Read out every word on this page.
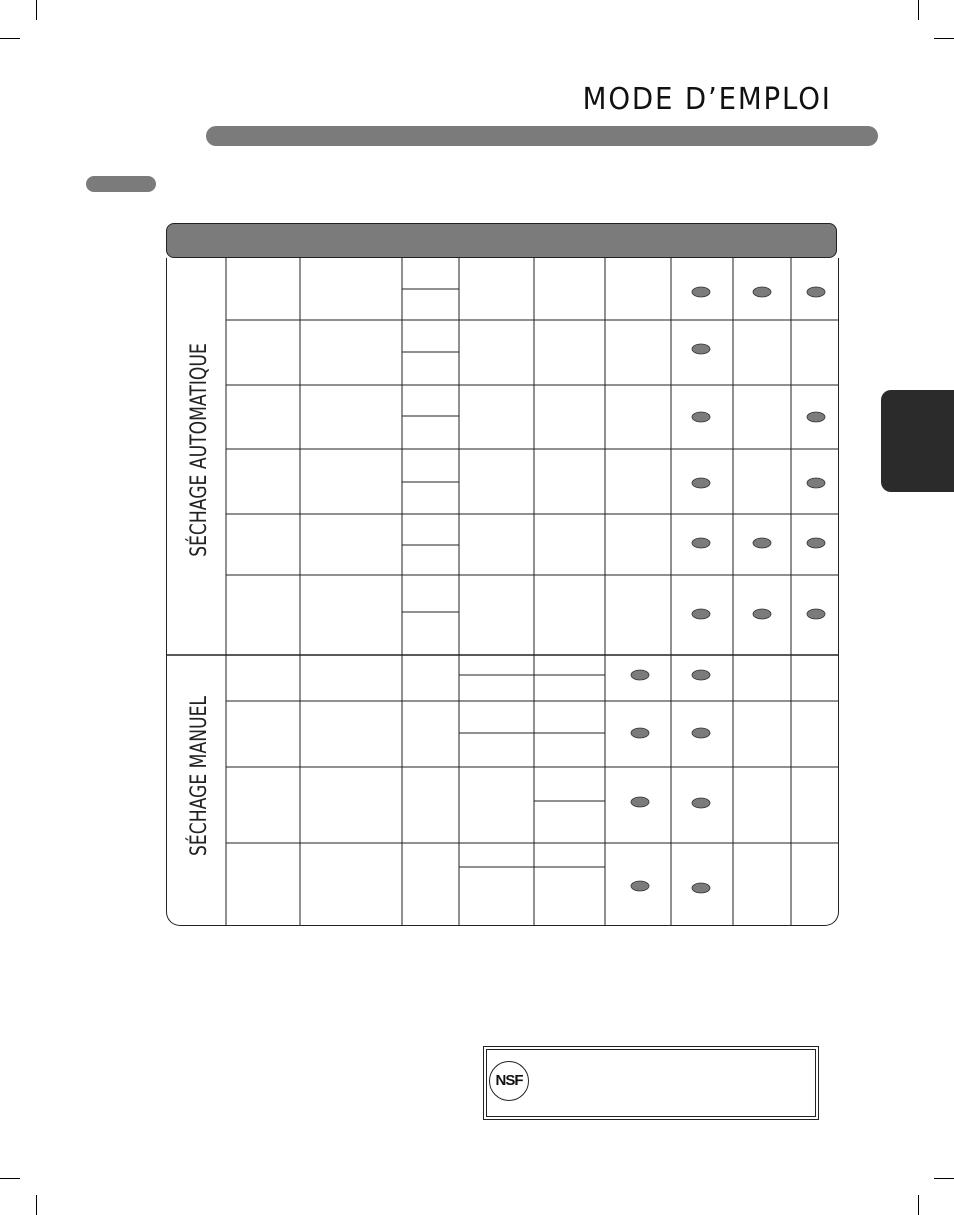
MODE D’EMPLOI
SÉCHAGE AUTOMATIQUE
SÉCHAGE MANUEL
NSF
